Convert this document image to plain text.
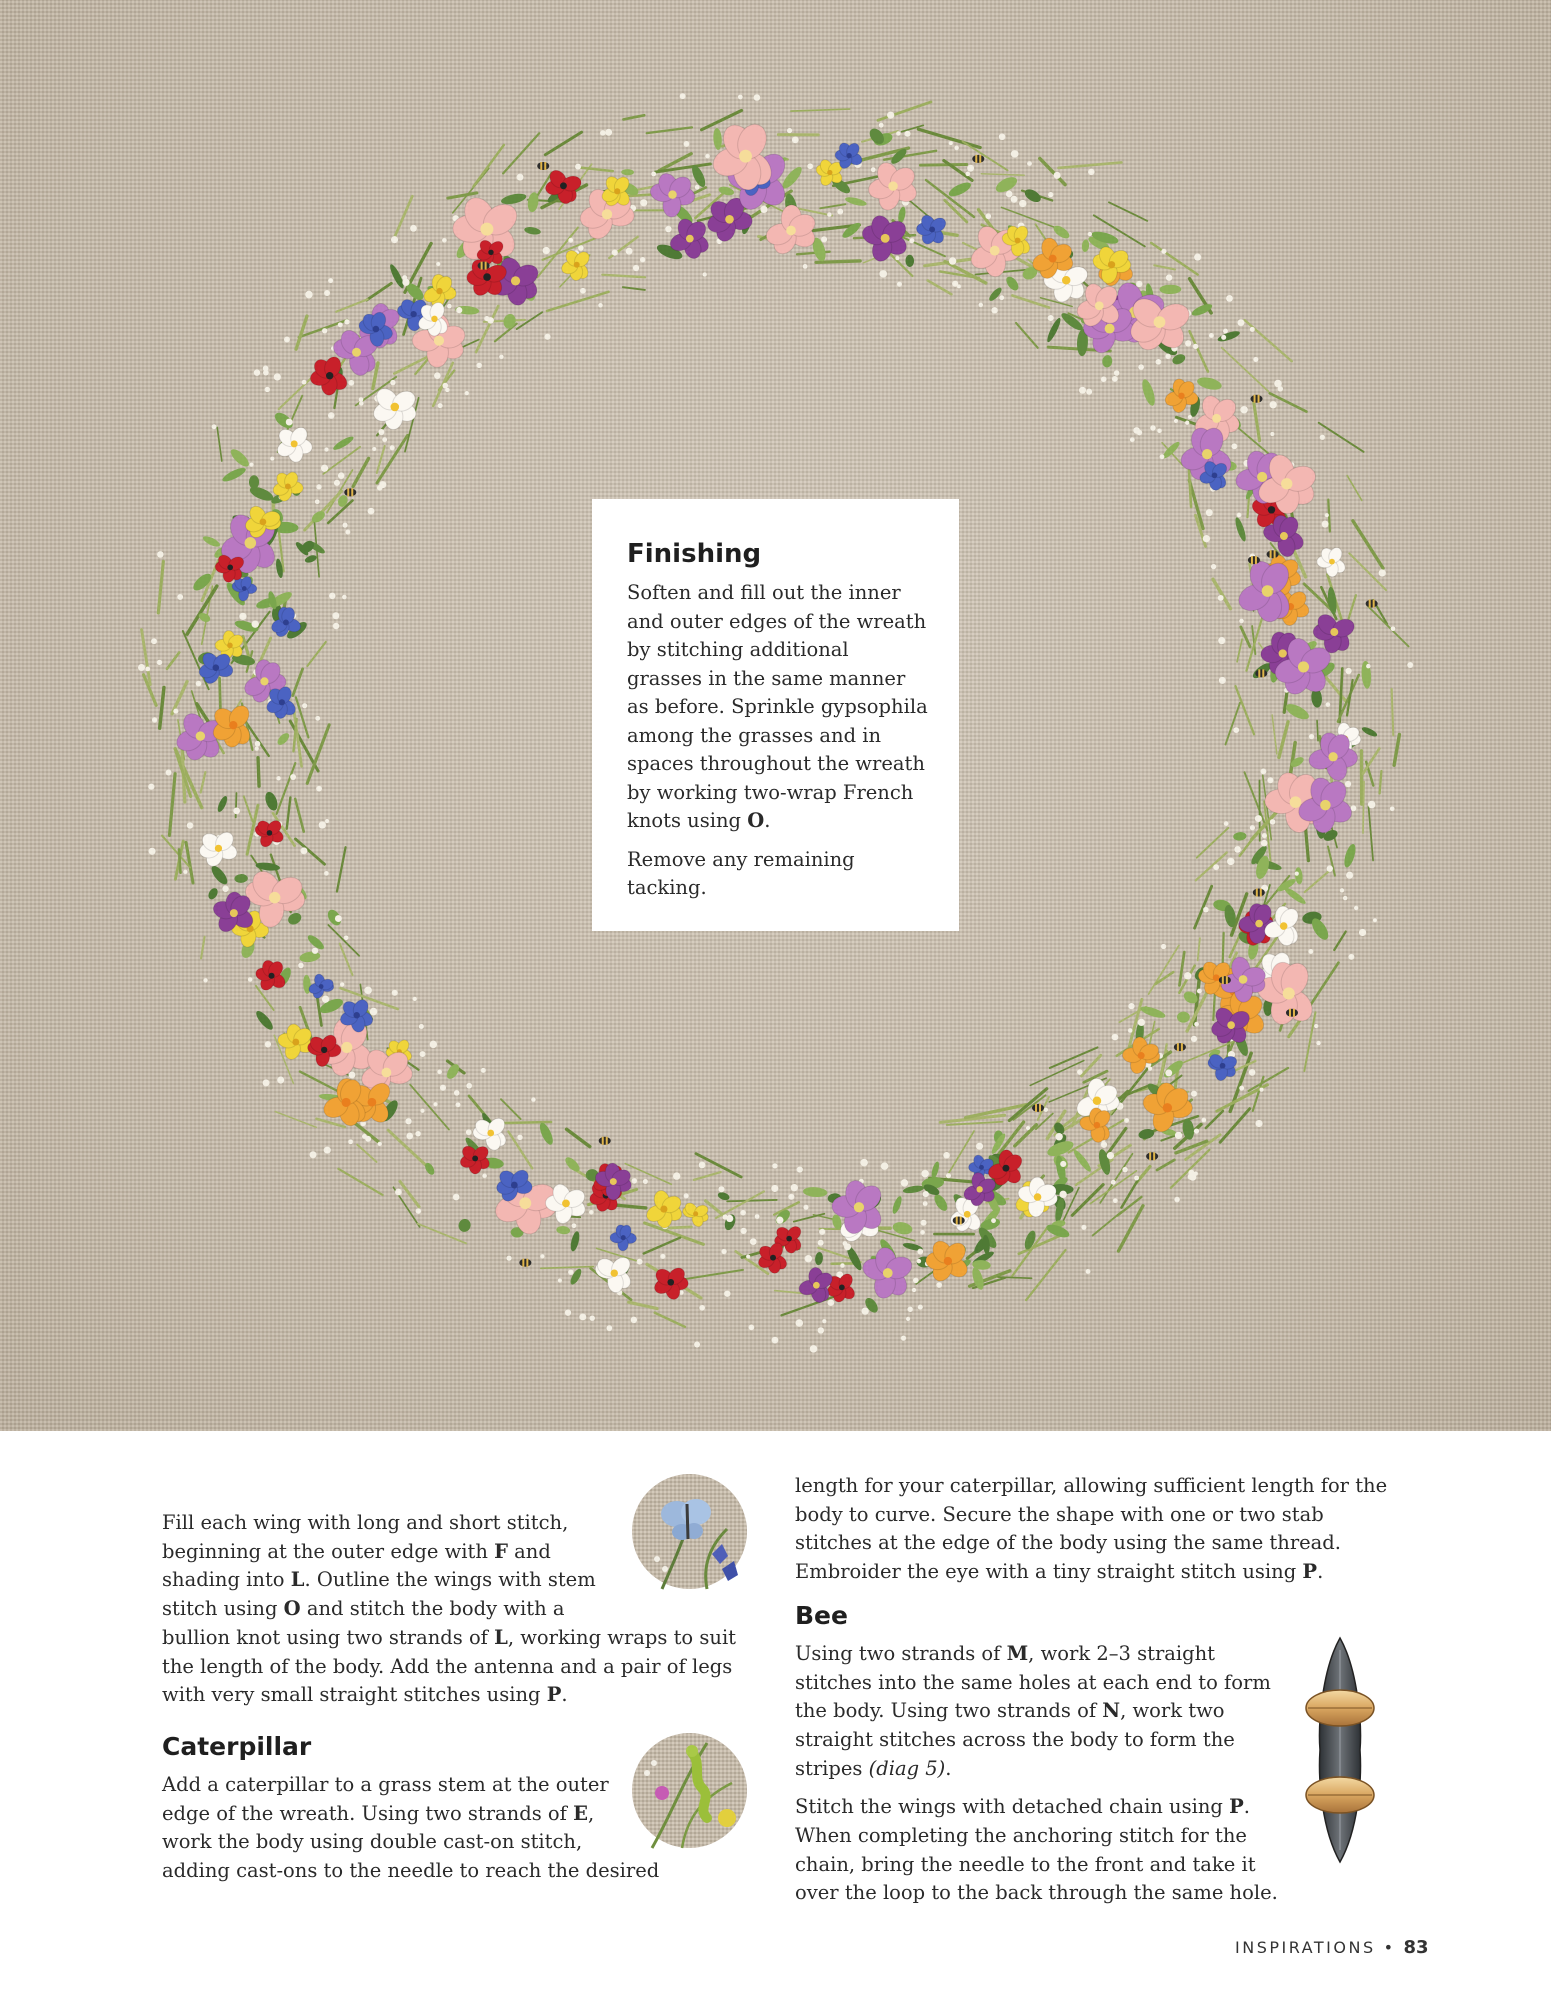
Finishing

Soften and fill out the inner and outer edges of the wreath by stitching additional grasses in the same manner as before. Sprinkle gypsophila among the grasses and in spaces throughout the wreath by working two-wrap French knots using O.

Remove any remaining tacking.

Fill each wing with long and short stitch, beginning at the outer edge with F and shading into L. Outline the wings with stem stitch using O and stitch the body with a bullion knot using two strands of L, working wraps to suit the length of the body. Add the antenna and a pair of legs with very small straight stitches using P.

Caterpillar

Add a caterpillar to a grass stem at the outer edge of the wreath. Using two strands of E, work the body using double cast-on stitch, adding cast-ons to the needle to reach the desired

length for your caterpillar, allowing sufficient length for the body to curve. Secure the shape with one or two stab stitches at the edge of the body using the same thread. Embroider the eye with a tiny straight stitch using P.

Bee

Using two strands of M, work 2–3 straight stitches into the same holes at each end to form the body. Using two strands of N, work two straight stitches across the body to form the stripes (diag 5).

Stitch the wings with detached chain using P. When completing the anchoring stitch for the chain, bring the needle to the front and take it over the loop to the back through the same hole.

INSPIRATIONS • 83
